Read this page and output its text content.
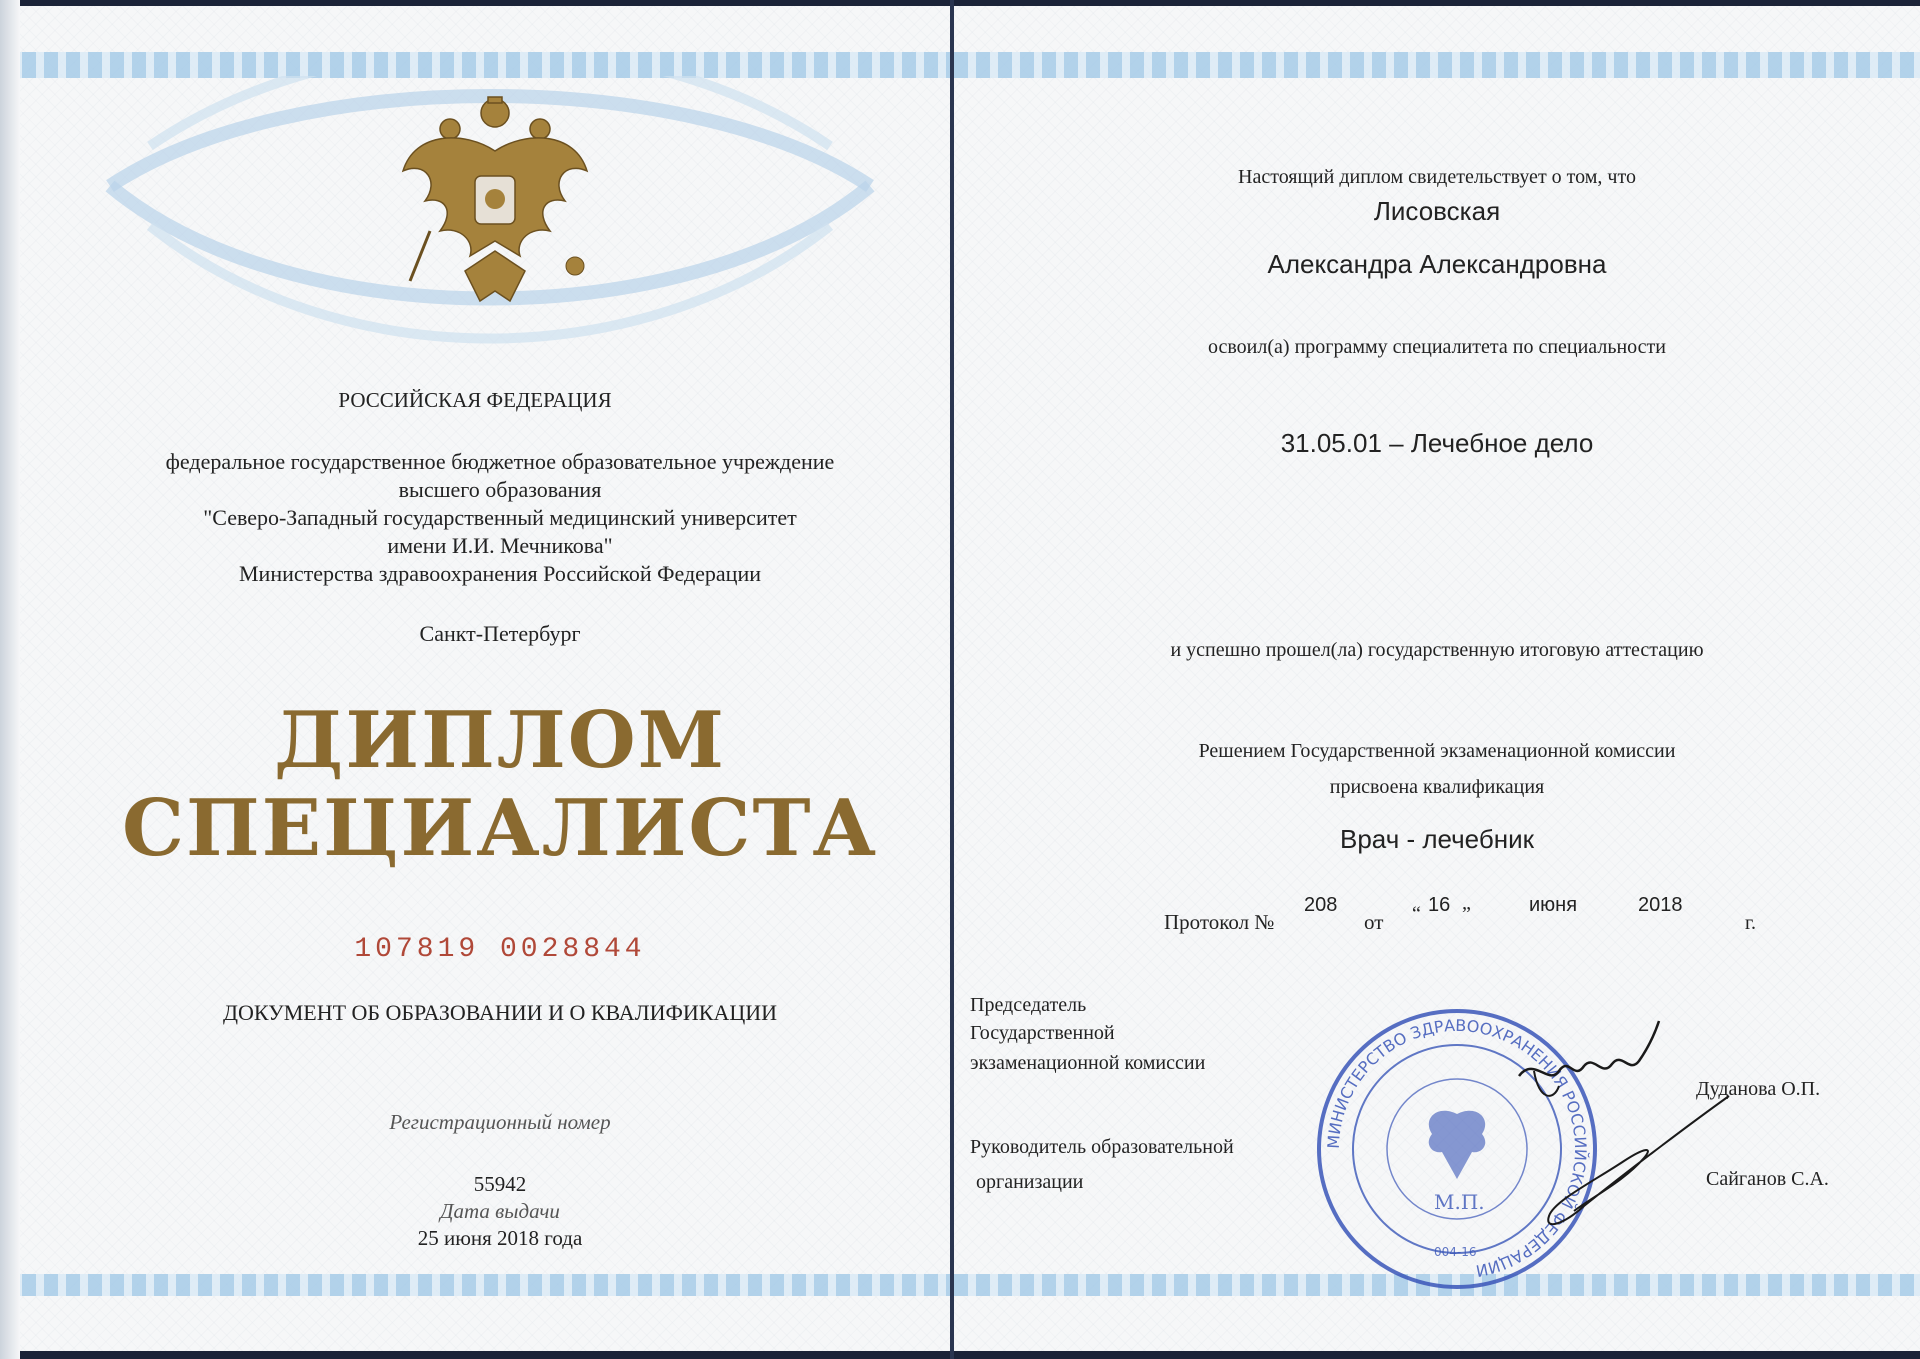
РОССИЙСКАЯ ФЕДЕРАЦИЯ
федеральное государственное бюджетное образовательное учреждение
высшего образования
"Северо-Западный государственный медицинский университет
имени И.И. Мечникова"
Министерства здравоохранения Российской Федерации
Санкт-Петербург
ДИПЛОМ
СПЕЦИАЛИСТА
107819 0028844
ДОКУМЕНТ ОБ ОБРАЗОВАНИИ И О КВАЛИФИКАЦИИ
Регистрационный номер
55942
Дата выдачи
25 июня 2018 года
Настоящий диплом свидетельствует о том, что
Лисовская
Александра Александровна
освоил(а) программу специалитета по специальности
31.05.01 – Лечебное дело
и успешно прошел(ла) государственную итоговую аттестацию
Решением Государственной экзаменационной комиссии
присвоена квалификация
Врач - лечебник
Протокол №
208
от “ 16 „	июня	2018
г.
Председатель
Государственной
экзаменационной комиссии
Дуданова О.П.
Руководитель образовательной
организации	Сайганов С.А.
МИНИСТЕРСТВО ЗДРАВООХРАНЕНИЯ РОССИЙСКОЙ ФЕДЕРАЦИИ
М.П.
004-16
